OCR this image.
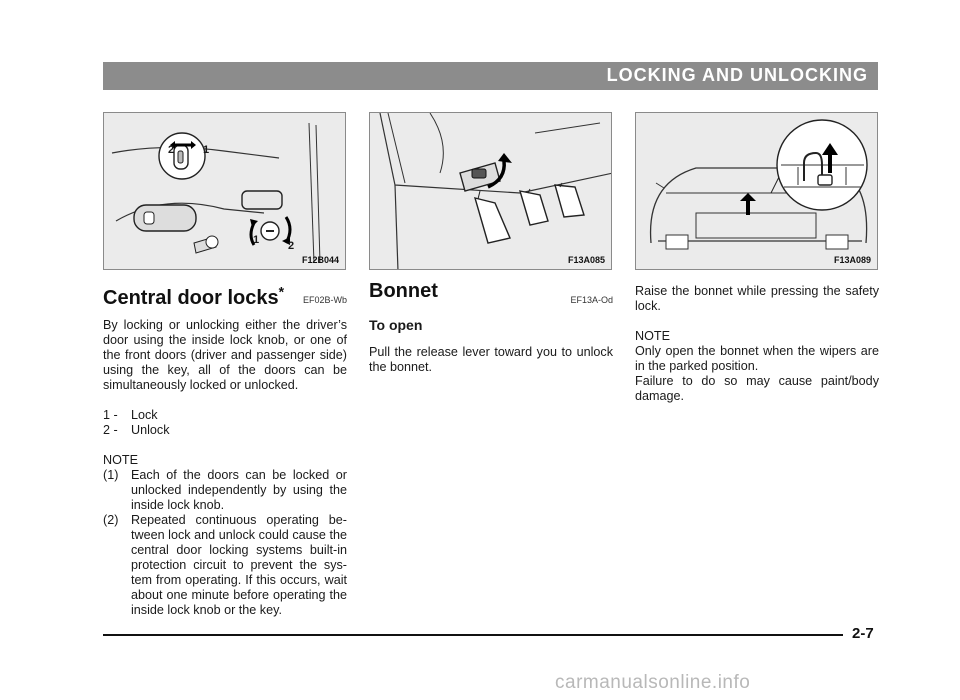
LOCKING AND UNLOCKING
2	1
1	2
F12B044	F13A085	F13A089
Central door locks*
EF02B-Wb

By locking or unlocking either the driver’s door using the inside lock knob, or one of the front doors (driver and passenger side) using the key, all of the doors can be simultaneously locked or unlocked.

1 -	Lock
2 -	Unlock
NOTE
(1) Each of the doors can be locked or unlocked independently by using the inside lock knob.
(2) Repeated continuous operating be-tween lock and unlock could cause the central door locking systems built-in protection circuit to prevent the sys-tem from operating. If this occurs, wait about one minute before operating the inside lock knob or the key.
Bonnet	EF13A-Od
To open

Pull the release lever toward you to unlock the bonnet.

Raise the bonnet while pressing the safety lock.

NOTE

Only open the bonnet when the wipers are in the parked position.

Failure to do so may cause paint/body damage.

2-7
carmanualsonline.info
